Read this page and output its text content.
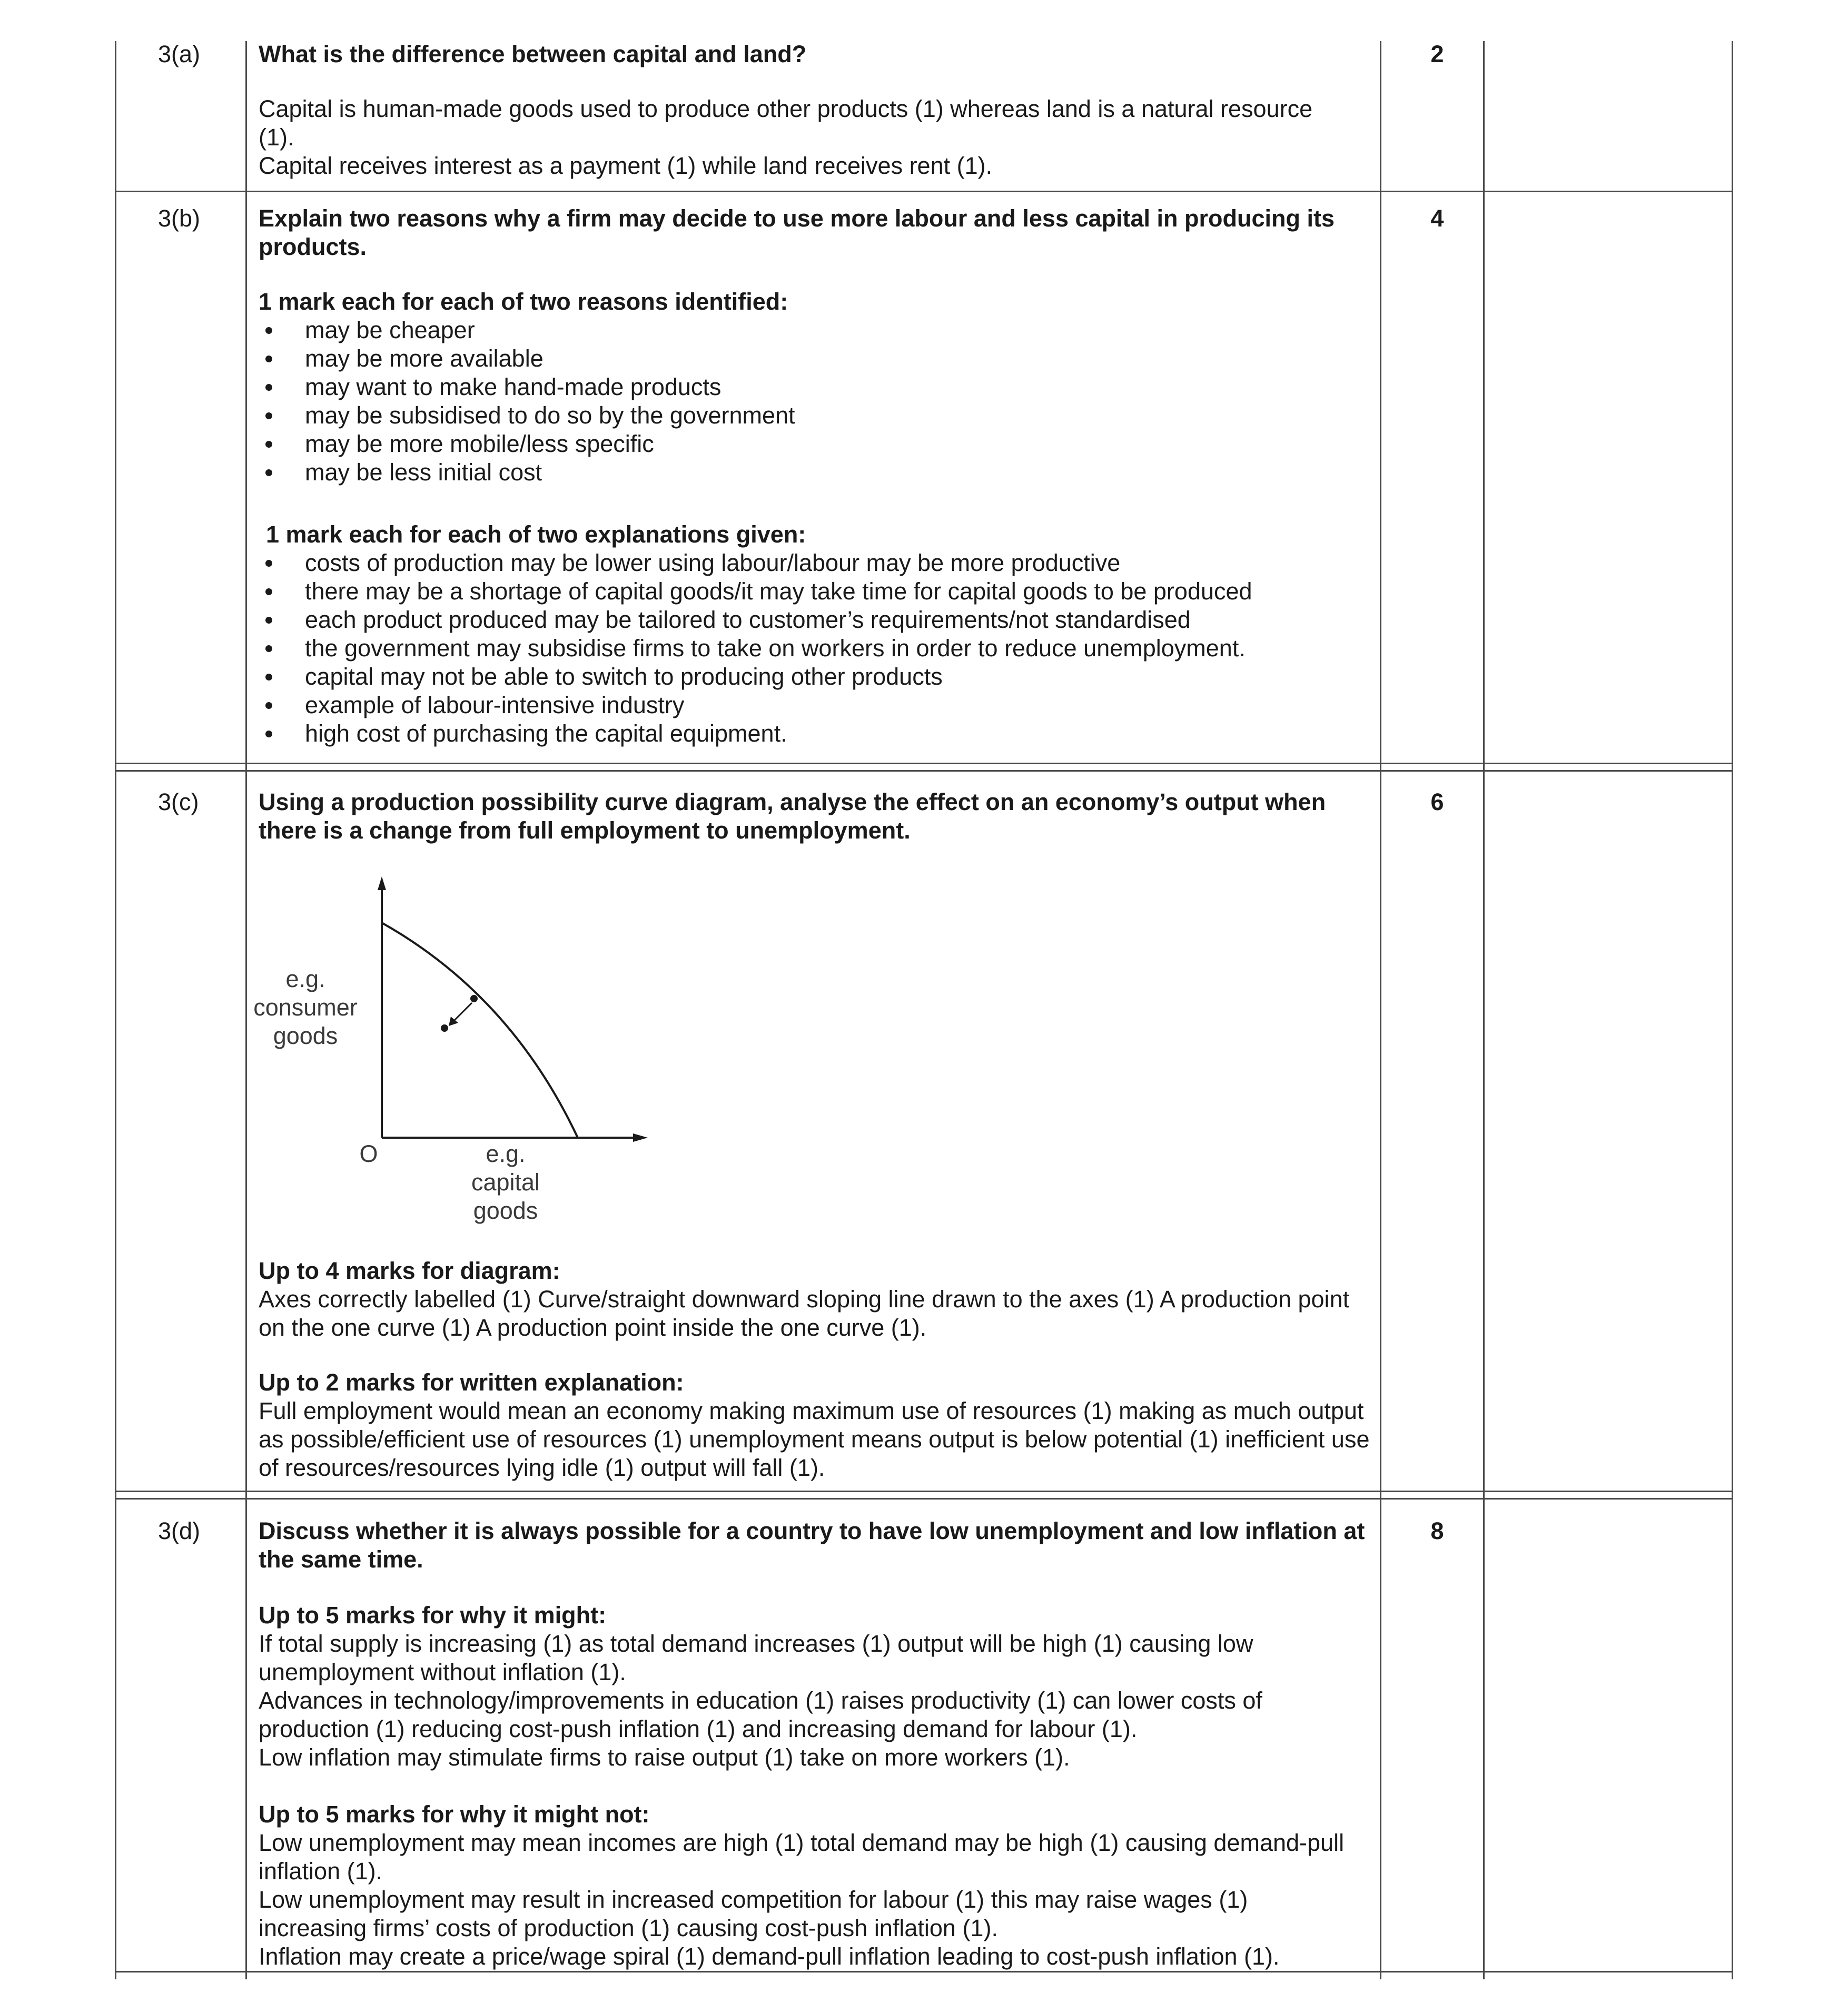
3(a) What is the difference between capital and land?	2
Capital is human-made goods used to produce other products (1) whereas land is a natural resource
(1).
Capital receives interest as a payment (1) while land receives rent (1).
3(b) Explain two reasons why a firm may decide to use more labour and less capital in producing its products.
4
1 mark each for each of two reasons identified:
may be cheaper
may be more available
may want to make hand-made products
may be subsidised to do so by the government
may be more mobile/less specific
may be less initial cost
1 mark each for each of two explanations given:
costs of production may be lower using labour/labour may be more productive
there may be a shortage of capital goods/it may take time for capital goods to be produced
each product produced may be tailored to customer’s requirements/not standardised
the government may subsidise firms to take on workers in order to reduce unemployment.
capital may not be able to switch to producing other products
example of labour-intensive industry
high cost of purchasing the capital equipment.
3(c)	Using a production possibility curve diagram, analyse the effect on an economy’s output when there is a change from full employment to unemployment.
6
e.g.
consumer
goods
O	e.g.
capital
goods
Up to 4 marks for diagram:
Axes correctly labelled (1) Curve/straight downward sloping line drawn to the axes (1) A production point on the one curve (1) A production point inside the one curve (1).
Up to 2 marks for written explanation:
Full employment would mean an economy making maximum use of resources (1) making as much output as possible/efficient use of resources (1) unemployment means output is below potential (1) inefficient use of resources/resources lying idle (1) output will fall (1).
3(d) Discuss whether it is always possible for a country to have low unemployment and low inflation at the same time.
8
Up to 5 marks for why it might:
If total supply is increasing (1) as total demand increases (1) output will be high (1) causing low unemployment without inflation (1).
Advances in technology/improvements in education (1) raises productivity (1) can lower costs of production (1) reducing cost-push inflation (1) and increasing demand for labour (1).
Low inflation may stimulate firms to raise output (1) take on more workers (1).
Up to 5 marks for why it might not:
Low unemployment may mean incomes are high (1) total demand may be high (1) causing demand-pull inflation (1).
Low unemployment may result in increased competition for labour (1) this may raise wages (1) increasing firms’ costs of production (1) causing cost-push inflation (1).
Inflation may create a price/wage spiral (1) demand-pull inflation leading to cost-push inflation (1).
